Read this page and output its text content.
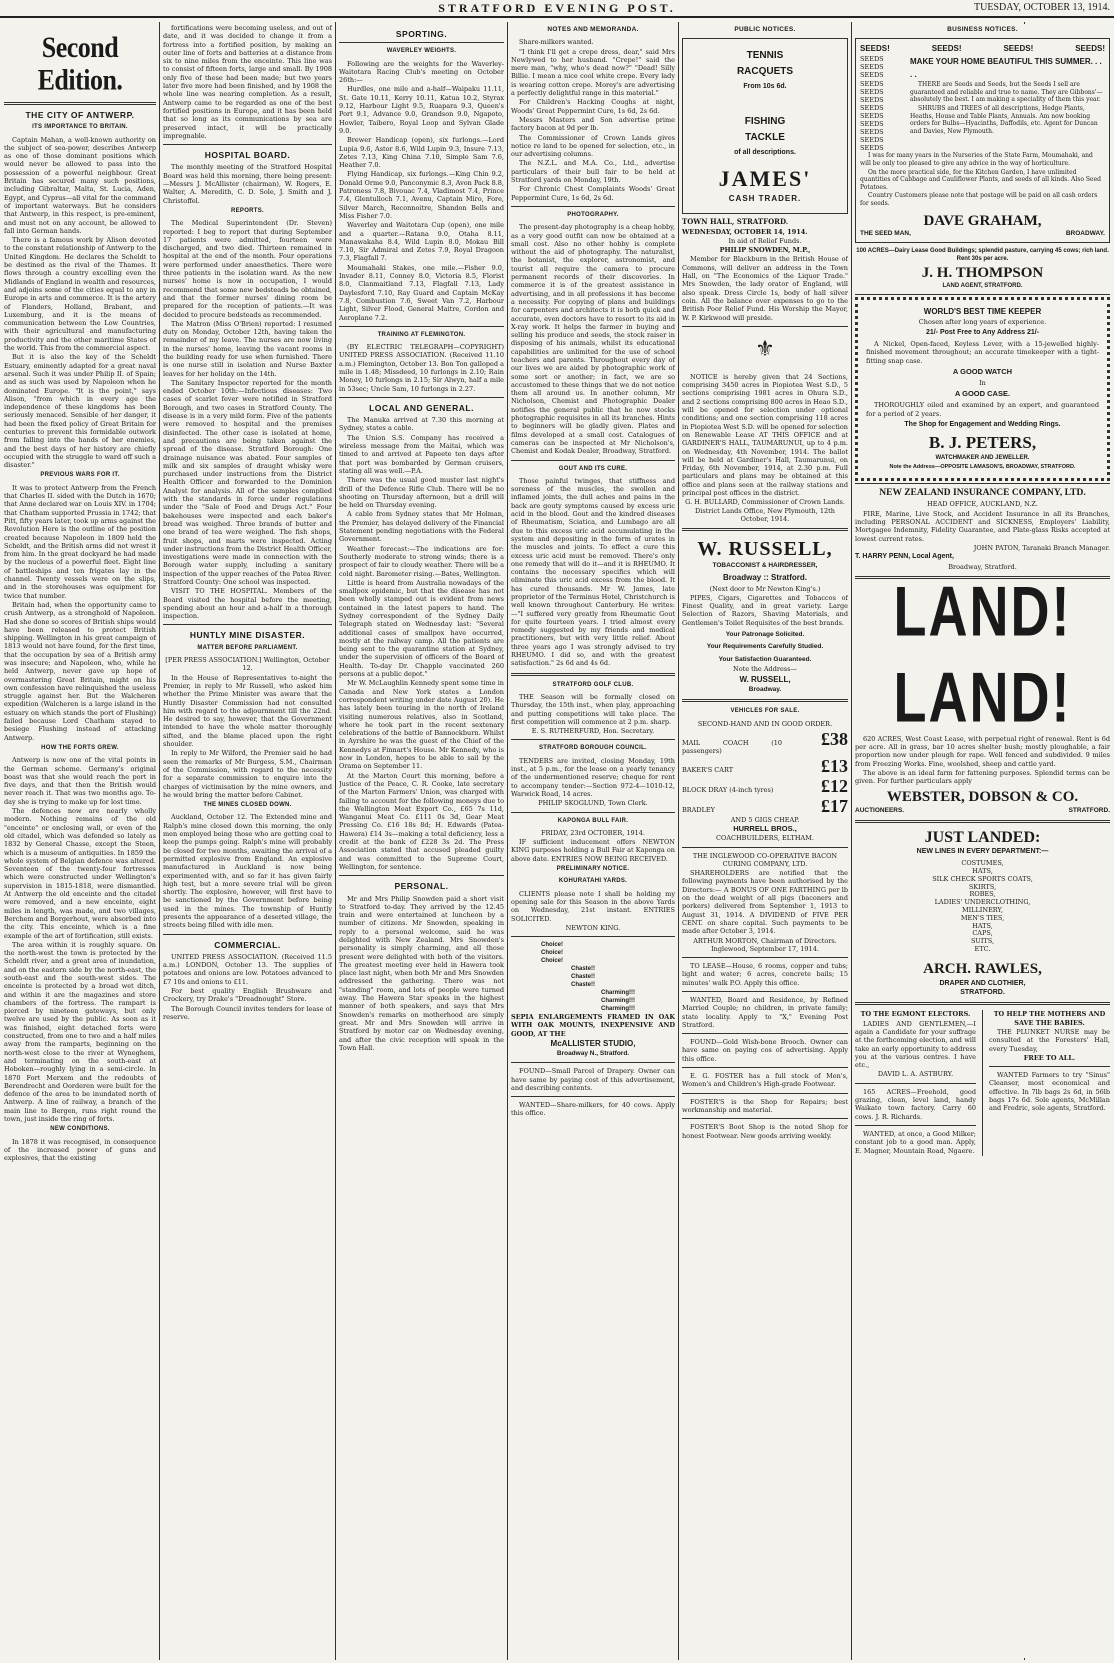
STRATFORD EVENING POST.	TUESDAY, OCTOBER 13, 1914.
Second Edition.
THE CITY OF ANTWERP.
ITS IMPORTANCE TO BRITAIN.

Captain Mahan, a well-known authority on the subject of sea-power, describes Antwerp as one of those dominant positions which would never be allowed to pass into the possession of a powerful neighbour. Great Britain has secured many such positions, including Gibraltar, Malta, St. Lucia, Aden, Egypt, and Cyprus—all vital for the command of important waterways. But he considers that Antwerp, in this respect, is pre-eminent, and must not on any account, be allowed to fall into German hands.

There is a famous work by Alison devoted to the constant relationship of Antwerp to the United Kingdom. He declares the Scheldt to be destined as the rival of the Thames. It flows through a country excelling even the Midlands of England in wealth and resources, and adjoins some of the cities equal to any in Europe in arts and commerce. It is the artery of Flanders, Holland, Brabant, and Luxemburg, and it is the means of communication between the Low Countries, with their agricultural and manufacturing productivity and the other maritime States of the world. This from the commercial aspect.

But it is also the key of the Scheldt Estuary, eminently adapted for a great naval arsenal. Such it was under Philip II. of Spain; and as such was used by Napoleon when he dominated Europe. "It is the point," says Alison, "from which in every age the independence of these kingdoms has been seriously menaced. Sensible of her danger, it had been the fixed policy of Great Britain for centuries to prevent this formidable outwork from falling into the hands of her enemies, and the best days of her history are chiefly occupied with the struggle to ward off such a disaster."

PREVIOUS WARS FOR IT.

It was to protect Antwerp from the French that Charles II. sided with the Dutch in 1670; that Anne declared war on Louis XIV. in 1704; that Chatham supported Prussia in 1742; that Pitt, fifty years later, took up arms against the Revolution Here is the outline of the position created because Napoleon in 1809 held the Scheldt, and the British arms did not wrest it from him. In the great dockyard he had made by the nucleus of a powerful fleet. Eight line of battleships and ten frigates lay in the channel. Twenty vessels were on the slips, and in the storehouses was equipment for twice that number.

Britain had, when the opportunity came to crush Antwerp, as a stronghold of Napoleon. Had she done so scores of British ships would have been released to protect British shipping. Wellington in his great campaign of 1813 would not have found, for the first time, that the occupation by sea of a British army was insecure; and Napoleon, who, while he held Antwerp, never gave up hope of overmastering Great Britain, might on his own confession have relinquished the useless struggle against her. But the Walcheren expedition (Walcheren is a large island in the estuary on which stands the port of Flushing) failed because Lord Chatham stayed to besiege Flushing instead of attacking Antwerp.

HOW THE FORTS GREW.

Antwerp is now one of the vital points in the German scheme. Germany's original boast was that she would reach the port in five days, and that then the British would never reach it. That was two months ago. To-day she is trying to make up for lost time.

The defences now are nearly wholly modern. Nothing remains of the old "enceinte" or enclosing wall, or even of the old citadel, which was defended so lately as 1832 by General Chasse, except the Steen, which is a museum of antiquities. In 1859 the whole system of Belgian defence was altered. Seventeen of the twenty-four fortresses which were constructed under Wellington's supervision in 1815-1818, were dismantled. At Antwerp the old enceinte and the citadel were removed, and a new enceinte, eight miles in length, was made, and two villages, Berchem and Borgerhout, were absorbed into the city. This enceinte, which is a fine example of the art of fortification, still exists.

The area within it is roughly square. On the north-west the town is protected by the Scheldt river, and a great area of inundation, and on the eastern side by the north-east, the south-east and the south-west sides. The enceinte is protected by a broad wet ditch, and within it are the magazines and store chambers of the fortress. The rampart is pierced by nineteen gateways, but only twelve are used by the public. As soon as it was finished, eight detached forts were constructed, from one to two and a half miles away from the ramparts, beginning on the north-west close to the river at Wyneghem, and terminating on the south-east at Hoboken—roughly lying in a semi-circle. In 1870 Fort Merxem and the redoubts of Berendrecht and Oorderen were built for the defence of the area to be inundated north of Antwerp. A line of railway, a branch of the main line to Bergen, runs right round the town, just inside the ring of forts.

NEW CONDITIONS.

In 1878 it was recognised, in consequence of the increased power of guns and explosives, that the existing

fortifications were becoming useless, and out of date, and it was decided to change it from a fortress into a fortified position, by making an outer line of forts and batteries at a distance from six to nine miles from the enceinte. This line was to consist of fifteen forts, large and small. By 1908 only five of these had been made; but two years later five more had been finished, and by 1908 the whole line was nearing completion. As a result, Antwerp came to be regarded as one of the best fortified positions in Europe, and it has been held that so long as its communications by sea are preserved intact, it will be practically impregnable.

HOSPITAL BOARD.

The monthly meeting of the Stratford Hospital Board was held this morning, there being present:—Messrs J. McAllister (chairman), W. Rogers, E. Walter, A. Meredith, C. D. Sole, J. Smith and J. Christoffel.

REPORTS.

The Medical Superintendent (Dr. Steven) reported: I beg to report that during September 17 patients were admitted, fourteen were discharged, and two died. Thirteen remained in hospital at the end of the month. Four operations were performed under anaesthetics. There were three patients in the isolation ward. As the new nurses' home is now in occupation, I would recommend that some new bedsteads be obtained, and that the former nurses' dining room be prepared for the reception of patients.—It was decided to procure bedsteads as recommended.

The Matron (Miss O'Brien) reported: I resumed duty on Monday, October 12th, having taken the remainder of my leave. The nurses are now living in the nurses' home, leaving the vacant rooms in the building ready for use when furnished. There is one nurse still in isolation and Nurse Baxter leaves for her holiday on the 14th.

The Sanitary Inspector reported for the month ended October 10th:—Infectious diseases: Two cases of scarlet fever were notified in Stratford Borough, and two cases in Stratford County. The disease is in a very mild form. Five of the patients were removed to hospital and the premises disinfected. The other case is isolated at home, and precautions are being taken against the spread of the disease. Stratford Borough: One drainage nuisance was abated. Four samples of milk and six samples of draught whisky were purchased under instructions from the District Health Officer and forwarded to the Dominion Analyst for analysis. All of the samples complied with the standards in force under regulations under the "Sale of Food and Drugs Act." Four bakehouses were inspected and each baker's bread was weighed. Three brands of butter and one brand of tea were weighed. The fish shops, fruit shops, and marts were inspected. Acting under instructions from the District Health Officer, investigations were made in connection with the Borough water supply, including a sanitary inspection of the upper reaches of the Patea River. Stratford County: One school was inspected.

VISIT TO THE HOSPITAL. Members of the Board visited the hospital before the meeting, spending about an hour and a-half in a thorough inspection.

HUNTLY MINE DISASTER.
MATTER BEFORE PARLIAMENT.

[PER PRESS ASSOCIATION.] Wellington, October 12.

In the House of Representatives to-night the Premier, in reply to Mr Russell, who asked him whether the Prime Minister was aware that the Huntly Disaster Commission had not consulted him with regard to the adjournment till the 22nd. He desired to say, however, that the Government intended to have the whole matter thoroughly sifted, and the blame placed upon the right shoulder.

In reply to Mr Wilford, the Premier said he had seen the remarks of Mr Burgess, S.M., Chairman of the Commission, with regard to the necessity for a separate commission to enquire into the charges of victimisation by the mine owners, and he would bring the matter before Cabinet.

THE MINES CLOSED DOWN.

Auckland, October 12. The Extended mine and Ralph's mine closed down this morning, the only men employed being those who are getting coal to keep the pumps going. Ralph's mine will probably be closed for two months, awaiting the arrival of a permitted explosive from England. An explosive manufactured in Auckland is now being experimented with, and so far it has given fairly high test, but a more severe trial will be given shortly. The explosive, however, will first have to be sanctioned by the Government before being used in the mines. The township of Huntly presents the appearance of a deserted village, the streets being filled with idle men.

COMMERCIAL.

UNITED PRESS ASSOCIATION. (Received 11.5 a.m.) LONDON, October 13. The supplies of potatoes and onions are low. Potatoes advanced to £7 10s and onions to £11.

For best quality English Brushware and Crockery, try Drake's "Dreadnought" Store.

The Borough Council invites tenders for lease of reserve.

SPORTING.
WAVERLEY WEIGHTS.

Following are the weights for the Waverley-Waitotara Racing Club's meeting on October 26th:—

Hurdles, one mile and a-half—Waipaku 11.11, St. Gate 10.11, Kerry 10.11, Katua 10.2, Styrax 9.12, Harbour Light 9.5, Ruapara 9.3, Queen's Port 9.1, Advance 9.0, Grandson 9.0, Ngapoto, Howler, Taibero, Royal Loop and Sylvan Glade 9.0.

Brewer Handicap (open), six furlongs.—Lord Lupia 9.6, Astor 8.6, Wild Lupin 9.3, Insure 7.13, Zetes 7.13, King China 7.10, Simple Sam 7.6, Heather 7.0.

Flying Handicap, six furlongs.—King Chin 9.2, Donald Orme 9.0, Panconymic 8.3, Avon Pack 8.8, Patroness 7.8, Bivouac 7.4, Vladimost 7.4, Prince 7.4, Glentulloch 7.1, Avenu, Captain Miro, Fore, Silver March, Reconnoitre, Shandon Bells and Miss Fisher 7.0.

Waverley and Waitotara Cup (open), one mile and a quarter.—Ratana 9.0, Otaha 8.11, Manawakaha 8.4, Wild Lupin 8.0, Mokau Bill 7.10, Sir Admiral and Zetes 7.9, Royal Dragoon 7.3, Flagfall 7.

Moumahaki Stakes, one mile.—Fisher 9.0, Invader 8.11, Conney 8.0, Victoria 8.5, Florist 8.0, Clanmaitland 7.13, Flagfall 7.13, Lady Daylesford 7.10, Ray Guard and Captain McKay 7.8, Combustion 7.6, Sweet Van 7.2, Harbour Light, Silver Flood, General Maitre, Cordon and Aeroplane 7.2.

TRAINING AT FLEMINGTON.

(BY ELECTRIC TELEGRAPH—COPYRIGHT) UNITED PRESS ASSOCIATION. (Received 11.10 a.m.) Flemington, October 13. Bon Ton galloped a mile in 1.48; Missdeed, 10 furlongs in 2.10; Rain Money, 10 furlongs in 2.15; Sir Alwyn, half a mile in 53sec; Uncle Sam, 10 furlongs in 2.27.

LOCAL AND GENERAL.

The Manuka arrived at 7.30 this morning at Sydney, states a cable.

The Union S.S. Company has received a wireless message from the Maitai, which was timed to and arrived at Papeete ten days after that port was bombarded by German cruisers, stating all was well.—P.A.

There was the usual good muster last night's drill of the Defence Rifle Club. There will be no shooting on Thursday afternoon, but a drill will be held on Thursday evening.

A cable from Sydney states that Mr Holman, the Premier, has delayed delivery of the Financial Statement pending negotiations with the Federal Government.

Weather forecast:—The indications are for: Southerly moderate to strong winds; there is a prospect of fair to cloudy weather. There will be a cold night. Barometer rising.—Bates, Wellington.

Little is heard from Australia nowadays of the smallpox epidemic, but that the disease has not been wholly stamped out is evident from news contained in the latest papers to hand. The Sydney correspondent of the Sydney Daily Telegraph stated on Wednesday last: "Several additional cases of smallpox have occurred, mostly at the railway camp. All the patients are being sent to the quarantine station at Sydney, under the supervision of officers of the Board of Health. To-day Dr. Chapple vaccinated 260 persons at a public depot."

Mr W. McLaughlin Kennedy spent some time in Canada and New York states a London correspondent writing under date August 20). He has lately been touring in the north of Ireland visiting numerous relatives, also in Scotland, where he took part in the recent sextenary celebrations of the battle of Bannockburn. Whilst in Ayrshire he was the guest of the Chief of the Kennedys at Finnart's House. Mr Kennedy, who is now in London, hopes to be able to sail by the Orama on September 11.

At the Marton Court this morning, before a Justice of the Peace, C. R. Cooke, late secretary of the Marton Farmers' Union, was charged with failing to account for the following moneys due to the Wellington Meat Export Co., £65 7s 11d, Wanganui Meat Co. £111 0s 3d, Gear Meat Pressing Co. £16 18s 8d; H. Edwards (Patea-Hawera) £14 3s—making a total deficiency, less a credit at the bank of £228 3s 2d. The Press Association stated that accused pleaded guilty and was committed to the Supreme Court, Wellington, for sentence.

PERSONAL.

Mr and Mrs Philip Snowden paid a short visit to Stratford to-day. They arrived by the 12.45 train and were entertained at luncheon by a number of citizens. Mr Snowden, speaking in reply to a personal welcome, said he was delighted with New Zealand. Mrs Snowden's personality is simply charming, and all those present were delighted with both of the visitors. The greatest meeting ever held in Hawera took place last night, when both Mr and Mrs Snowden addressed the gathering. There was not "standing" room, and lots of people were turned away. The Hawera Star speaks in the highest manner of both speakers, and says that Mrs Snowden's remarks on motherhood are simply great. Mr and Mrs Snowden will arrive in Stratford by motor car on Wednesday evening, and after the civic reception will speak in the Town Hall.

NOTES AND MEMORANDA.

Share-milkers wanted.

"I think I'll get a crepe dress, dear," said Mrs Newlywed to her husband. "Crepe!" said the mere man, "why, who's dead now?" "Dead! Silly Billie. I mean a nice cool white crepe. Every lady is wearing cotton crepe. Morey's are advertising a perfectly delightful range in this material."

For Children's Hacking Coughs at night, Woods' Great Peppermint Cure, 1s 6d, 2s 6d.

Messrs Masters and Son advertise prime factory bacon at 9d per lb.

The Commissioner of Crown Lands gives notice re land to be opened for selection, etc., in our advertising columns.

The N.Z.L. and M.A. Co., Ltd., advertise particulars of their bull fair to be held at Stratford yards on Monday, 19th.

For Chronic Chest Complaints Woods' Great Peppermint Cure, 1s 6d, 2s 6d.

PHOTOGRAPHY.

The present-day photography is a cheap hobby, as a very good outfit can now be obtained at a small cost. Also no other hobby is complete without the aid of photography. The naturalist, the botanist, the explorer, astronomist, and tourist all require the camera to procure permanent records of their discoveries. In commerce it is of the greatest assistance in advertising, and in all professions it has become a necessity. For copying of plans and buildings for carpenters and architects it is both quick and accurate, even doctors have to resort to its aid in X-ray work. It helps the farmer in buying and selling his produce and seeds, the stock raiser in disposing of his animals, whilst its educational capabilities are unlimited for the use of school teachers and parents. Throughout every day of our lives we are aided by photographic work of some sort or another; in fact, we are so accustomed to these things that we do not notice them all around us. In another column, Mr Nicholson, Chemist and Photographic Dealer notifies the general public that he now stocks photographic requisites in all its branches. Hints to beginners will be gladly given. Plates and films developed at a small cost. Catalogues of cameras can be inspected at Mr Nicholson's, Chemist and Kodak Dealer, Broadway, Stratford.

GOUT AND ITS CURE.

Those painful twinges, that stiffness and soreness of the muscles, the swollen and inflamed joints, the dull aches and pains in the back are gouty symptoms caused by excess uric acid in the blood. Gout and the kindred diseases of Rheumatism, Sciatica, and Lumbago are all due to this excess uric acid accumulating in the system and depositing in the form of urates in the muscles and joints. To effect a cure this excess uric acid must be removed. There's only one remedy that will do it—and it is RHEUMO. It contains the necessary specifics which will eliminate this uric acid excess from the blood. It has cured thousands. Mr W. James, late proprietor of the Terminus Hotel, Christchurch is well known throughout Canterbury. He writes:—"I suffered very greatly from Rheumatic Gout for quite fourteen years. I tried almost every remedy suggested by my friends and medical practitioners, but with very little relief. About three years ago I was strongly advised to try RHEUMO. I did so, and with the greatest satisfaction." 2s 6d and 4s 6d.

STRATFORD GOLF CLUB.

THE Season will be formally closed on Thursday, the 15th inst., when play, approaching and putting competitions will take place. The first competition will commence at 2 p.m. sharp.

E. S. RUTHERFURD, Hon. Secretary.

STRATFORD BOROUGH COUNCIL.

TENDERS are invited, closing Monday, 19th inst., at 5 p.m., for the lease on a yearly tenancy of the undermentioned reserve; cheque for rent to accompany tender:—Section 972-4—1010-12, Warwick Road, 14 acres.

PHILIP SKOGLUND, Town Clerk.

KAPONGA BULL FAIR.

FRIDAY, 23rd OCTOBER, 1914.

IF sufficient inducement offers NEWTON KING purposes holding a Bull Fair at Kaponga on above date. ENTRIES NOW BEING RECEIVED.

PRELIMINARY NOTICE.
KOHURATAHI YARDS.

CLIENTS please note I shall be holding my opening sale for this Season in the above Yards on Wednesday, 21st instant. ENTRIES SOLICITED.

NEWTON KING.

Choice!
Choice!
Choice!
Chaste!!
Chaste!!
Chaste!!
Charming!!!
Charming!!!
Charming!!!

SEPIA ENLARGEMENTS FRAMED IN OAK WITH OAK MOUNTS, INEXPENSIVE AND GOOD, AT THE

McALLISTER STUDIO,

Broadway N., Stratford.

FOUND—Small Parcel of Drapery. Owner can have same by paying cost of this advertisement, and describing contents.

WANTED—Share-milkers, for 40 cows. Apply this office.

PUBLIC NOTICES.
TENNIS
RACQUETS
From 10s 6d.
FISHING
TACKLE
of all descriptions.
JAMES'
CASH TRADER.

TOWN HALL, STRATFORD.

WEDNESDAY, OCTOBER 14, 1914.

In aid of Relief Funds.

PHILIP SNOWDEN, M.P.,

Member for Blackburn in the British House of Commons, will deliver an address in the Town Hall, on "The Economics of the Liquor Trade." Mrs Snowden, the lady orator of England, will also speak. Dress Circle 1s, body of hall silver coin. All the balance over expenses to go to the British Poor Relief Fund. His Worship the Mayor, W. P. Kirkwood will preside.

⚜

NOTICE is hereby given that 24 Sections, comprising 3450 acres in Piopiotea West S.D., 5 sections comprising 1981 acres in Ohura S.D., and 2 sections comprising 800 acres in Heao S.D., will be opened for selection under optional conditions; and one section comprising 118 acres in Piopiotea West S.D. will be opened for selection on Renewable Lease AT THIS OFFICE and at GARDINER'S HALL, TAUMARUNUI, up to 4 p.m. on Wednesday, 4th November, 1914. The ballot will be held at Gardiner's Hall, Taumarunui, on Friday, 6th November, 1914, at 2.30 p.m. Full particulars and plans may be obtained at this office and plans seen at the railway stations and principal post offices in the district.

G. H. BULLARD, Commissioner of Crown Lands. District Lands Office, New Plymouth, 12th October, 1914.

W. RUSSELL,
TOBACCONIST & HAIRDRESSER,
Broadway :: Stratford.

(Next door to Mr Newton King's.)

PIPES, Cigars, Cigarettes and Tobaccos of Finest Quality, and in great variety. Large Selection of Razors, Shaving Materials, and Gentlemen's Toilet Requisites of the best brands.

Your Patronage Solicited.

Your Requirements Carefully Studied.

Your Satisfaction Guaranteed.

Note the Address—

W. RUSSELL,

Broadway.

VEHICLES FOR SALE.

SECOND-HAND AND IN GOOD ORDER.

MAIL COACH (10 passengers)
£38
BAKER'S CART	£13
BLOCK DRAY (4-inch tyres)	£12
BRADLEY	£17

AND 5 GIGS CHEAP.

HURRELL BROS.,

COACHBUILDERS, ELTHAM.

THE INGLEWOOD CO-OPERATIVE BACON CURING COMPANY, LTD.

SHAREHOLDERS are notified that the following payments have been authorised by the Directors:— A BONUS OF ONE FARTHING per lb on the dead weight of all pigs (baconers and porkers) delivered from September 1, 1913 to August 31, 1914. A DIVIDEND of FIVE PER CENT. on share capital. Such payments to be made after October 3, 1914.

ARTHUR MORTON, Chairman of Directors. Inglewood, September 17, 1914.

TO LEASE—House, 6 rooms, copper and tubs; light and water; 6 acres, concrete bails; 15 minutes' walk P.O. Apply this office.

WANTED, Board and Residence, by Refined Married Couple; no children, in private family; state locality. Apply to "X," Evening Post Stratford.

FOUND—Gold Wish-bone Brooch. Owner can have same on paying cos of advertising. Apply this office.

E. G. FOSTER has a full stock of Men's, Women's and Children's High-grade Footwear.

FOSTER'S is the Shop for Repairs; best workmanship and material.

FOSTER'S Boot Shop is the noted Shop for honest Footwear. New goods arriving weekly.

BUSINESS NOTICES.
SEEDS!	SEEDS!	SEEDS!	SEEDS!
SEEDS
SEEDS
SEEDS
SEEDS
SEEDS
SEEDS
SEEDS
SEEDS
SEEDS
SEEDS
SEEDS
SEEDS
MAKE YOUR HOME BEAUTIFUL THIS SUMMER. . . . .

THERE are Seeds and Seeds, but the Seeds I sell are guaranteed and reliable and true to name. They are Gibbons'—absolutely the best. I am making a speciality of them this year.

SHRUBS and TREES of all descriptions, Hedge Plants, Heaths, House and Table Plants, Annuals. Am now booking orders for Bulbs—Hyacinths, Daffodils, etc. Agent for Duncan and Davies, New Plymouth.

I was for many years in the Nurseries of the State Farm, Moumahaki, and will be only too pleased to give any advice in the way of horticulture.

On the more practical side, for the Kitchen Garden, I have unlimited quantities of Cabbage and Cauliflower Plants, and seeds of all kinds. Also Seed Potatoes.

Country Customers please note that postage will be paid on all cash orders for seeds.

DAVE GRAHAM,
THE SEED MAN,	BROADWAY.

100 ACRES—Dairy Lease Good Buildings; splendid pasture, carrying 45 cows; rich land. Rent 30s per acre.

J. H. THOMPSON

LAND AGENT, STRATFORD.

WORLD'S BEST TIME KEEPER

Chosen after long years of experience.

21/- Post Free to Any Address 21/-

A Nickel, Open-faced, Keyless Lever, with a 15-jewelled highly-finished movement throughout; an accurate timekeeper with a tight-fitting snap case.

A GOOD WATCH

In

A GOOD CASE.

THOROUGHLY oiled and examined by an expert, and guaranteed for a period of 2 years.

The Shop for Engagement and Wedding Rings.

B. J. PETERS,

WATCHMAKER AND JEWELLER.

Note the Address—OPPOSITE LAMASON'S, BROADWAY, STRATFORD.

NEW ZEALAND INSURANCE COMPANY, LTD.

HEAD OFFICE, AUCKLAND, N.Z.

FIRE, Marine, Live Stock, and Accident Insurance in all its Branches, including PERSONAL ACCIDENT and SICKNESS, Employers' Liability, Mortgagee Indemnity, Fidelity Guarantee, and Plate-glass Risks accepted at lowest current rates.

JOHN PATON, Taranaki Branch Manager.

T. HARRY PENN, Local Agent,

Broadway, Stratford.

LAND! LAND!

620 ACRES, West Coast Lease, with perpetual right of renewal. Rent is 6d per acre. All in grass, bar 10 acres shelter bush; mostly ploughable, a fair proportion now under plough for rape. Well fenced and subdivided. 9 miles from Freezing Works. Fine, woolshed, sheep and cattle yard.

The above is an ideal farm for fattening purposes. Splendid terms can be given. For further particulars apply

WEBSTER, DOBSON & CO.
AUCTIONEERS.	STRATFORD.
JUST LANDED:

NEW LINES IN EVERY DEPARTMENT:—

COSTUMES,
HATS,
SILK CHECK SPORTS COATS,
SKIRTS,
ROBES,
LADIES' UNDERCLOTHING,
MILLINERY,
MEN'S TIES,
HATS,
CAPS,
SUITS,
ETC.
ARCH. RAWLES,

DRAPER AND CLOTHIER,

STRATFORD.

TO THE EGMONT ELECTORS.

LADIES AND GENTLEMEN,—I again a Candidate for your suffrage at the forthcoming election, and will take an early opportunity to address you at the various centres. I have etc.,

DAVID L. A. ASTBURY.

165 ACRES—Freehold, good grazing, clean, level land, handy Waikato town factory. Carry 60 cows. J. R. Richards.

WANTED, at once, a Good Milker; constant job to a good man. Apply, E. Magner, Mountain Road, Ngaere.

TO HELP THE MOTHERS AND SAVE THE BABIES.

THE PLUNKET NURSE may be consulted at the Foresters' Hall, every Tuesday,

FREE TO ALL.

WANTED Farmers to try "Sinus" Cleanser, most economical and effective. In 7lb bags 2s 6d, in 56lb bags 17s 6d. Sole agents, McMillan and Fredric, sole agents, Stratford.
